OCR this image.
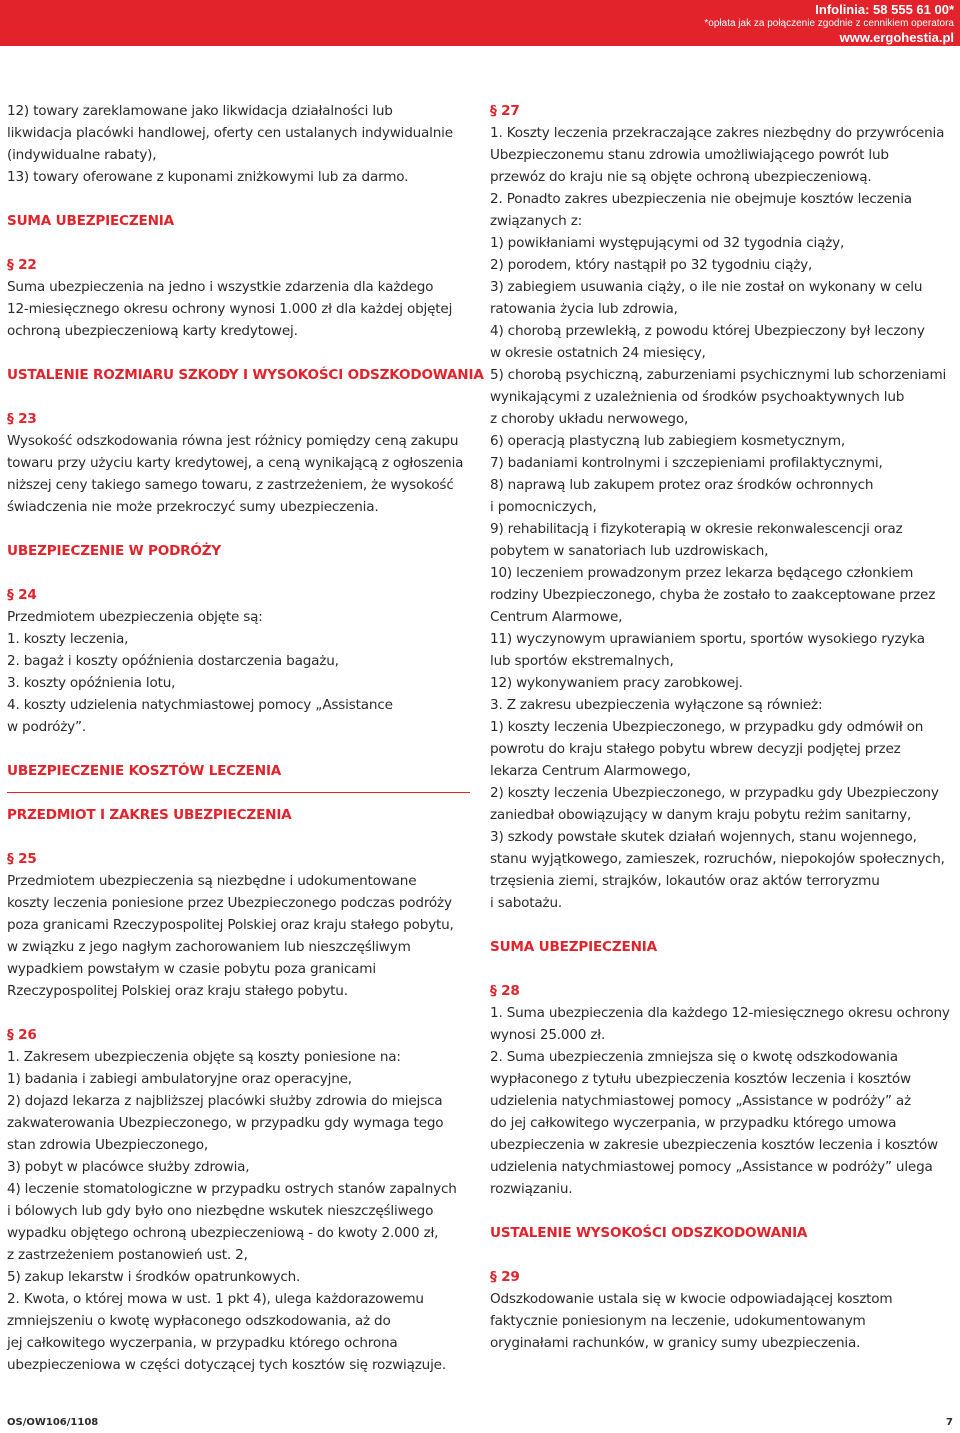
Infolinia: 58 555 61 00*
*opłata jak za połączenie zgodnie z cennikiem operatora
www.ergohestia.pl
12) towary zareklamowane jako likwidacja działalności lub
likwidacja placówki handlowej, oferty cen ustalanych indywidualnie
(indywidualne rabaty),
13) towary oferowane z kuponami zniżkowymi lub za darmo.
SUMA UBEZPIECZENIA
§ 22
Suma ubezpieczenia na jedno i wszystkie zdarzenia dla każdego
12-miesięcznego okresu ochrony wynosi 1.000 zł dla każdej objętej
ochroną ubezpieczeniową karty kredytowej.
USTALENIE ROZMIARU SZKODY I WYSOKOŚCI ODSZKODOWANIA
§ 23
Wysokość odszkodowania równa jest różnicy pomiędzy ceną zakupu
towaru przy użyciu karty kredytowej, a ceną wynikającą z ogłoszenia
niższej ceny takiego samego towaru, z zastrzeżeniem, że wysokość
świadczenia nie może przekroczyć sumy ubezpieczenia.
UBEZPIECZENIE W PODRÓŻY
§ 24
Przedmiotem ubezpieczenia objęte są:
1. koszty leczenia,
2. bagaż i koszty opóźnienia dostarczenia bagażu,
3. koszty opóźnienia lotu,
4. koszty udzielenia natychmiastowej pomocy „Assistance
w podróży”.
UBEZPIECZENIE KOSZTÓW LECZENIA
PRZEDMIOT I ZAKRES UBEZPIECZENIA
§ 25
Przedmiotem ubezpieczenia są niezbędne i udokumentowane
koszty leczenia poniesione przez Ubezpieczonego podczas podróży
poza granicami Rzeczypospolitej Polskiej oraz kraju stałego pobytu,
w związku z jego nagłym zachorowaniem lub nieszczęśliwym
wypadkiem powstałym w czasie pobytu poza granicami
Rzeczypospolitej Polskiej oraz kraju stałego pobytu.
§ 26
1. Zakresem ubezpieczenia objęte są koszty poniesione na:
1) badania i zabiegi ambulatoryjne oraz operacyjne,
2) dojazd lekarza z najbliższej placówki służby zdrowia do miejsca
zakwaterowania Ubezpieczonego, w przypadku gdy wymaga tego
stan zdrowia Ubezpieczonego,
3) pobyt w placówce służby zdrowia,
4) leczenie stomatologiczne w przypadku ostrych stanów zapalnych
i bólowych lub gdy było ono niezbędne wskutek nieszczęśliwego
wypadku objętego ochroną ubezpieczeniową - do kwoty 2.000 zł,
z zastrzeżeniem postanowień ust. 2,
5) zakup lekarstw i środków opatrunkowych.
2. Kwota, o której mowa w ust. 1 pkt 4), ulega każdorazowemu
zmniejszeniu o kwotę wypłaconego odszkodowania, aż do
jej całkowitego wyczerpania, w przypadku którego ochrona
ubezpieczeniowa w części dotyczącej tych kosztów się rozwiązuje.
§ 27
1. Koszty leczenia przekraczające zakres niezbędny do przywrócenia
Ubezpieczonemu stanu zdrowia umożliwiającego powrót lub
przewóz do kraju nie są objęte ochroną ubezpieczeniową.
2. Ponadto zakres ubezpieczenia nie obejmuje kosztów leczenia
związanych z:
1) powikłaniami występującymi od 32 tygodnia ciąży,
2) porodem, który nastąpił po 32 tygodniu ciąży,
3) zabiegiem usuwania ciąży, o ile nie został on wykonany w celu
ratowania życia lub zdrowia,
4) chorobą przewlekłą, z powodu której Ubezpieczony był leczony
w okresie ostatnich 24 miesięcy,
5) chorobą psychiczną, zaburzeniami psychicznymi lub schorzeniami
wynikającymi z uzależnienia od środków psychoaktywnych lub
z choroby układu nerwowego,
6) operacją plastyczną lub zabiegiem kosmetycznym,
7) badaniami kontrolnymi i szczepieniami profilaktycznymi,
8) naprawą lub zakupem protez oraz środków ochronnych
i pomocniczych,
9) rehabilitacją i fizykoterapią w okresie rekonwalescencji oraz
pobytem w sanatoriach lub uzdrowiskach,
10) leczeniem prowadzonym przez lekarza będącego członkiem
rodziny Ubezpieczonego, chyba że zostało to zaakceptowane przez
Centrum Alarmowe,
11) wyczynowym uprawianiem sportu, sportów wysokiego ryzyka
lub sportów ekstremalnych,
12) wykonywaniem pracy zarobkowej.
3. Z zakresu ubezpieczenia wyłączone są również:
1) koszty leczenia Ubezpieczonego, w przypadku gdy odmówił on
powrotu do kraju stałego pobytu wbrew decyzji podjętej przez
lekarza Centrum Alarmowego,
2) koszty leczenia Ubezpieczonego, w przypadku gdy Ubezpieczony
zaniedbał obowiązujący w danym kraju pobytu reżim sanitarny,
3) szkody powstałe skutek działań wojennych, stanu wojennego,
stanu wyjątkowego, zamieszek, rozruchów, niepokojów społecznych,
trzęsienia ziemi, strajków, lokautów oraz aktów terroryzmu
i sabotażu.
SUMA UBEZPIECZENIA
§ 28
1. Suma ubezpieczenia dla każdego 12-miesięcznego okresu ochrony
wynosi 25.000 zł.
2. Suma ubezpieczenia zmniejsza się o kwotę odszkodowania
wypłaconego z tytułu ubezpieczenia kosztów leczenia i kosztów
udzielenia natychmiastowej pomocy „Assistance w podróży” aż
do jej całkowitego wyczerpania, w przypadku którego umowa
ubezpieczenia w zakresie ubezpieczenia kosztów leczenia i kosztów
udzielenia natychmiastowej pomocy „Assistance w podróży” ulega
rozwiązaniu.
USTALENIE WYSOKOŚCI ODSZKODOWANIA
§ 29
Odszkodowanie ustala się w kwocie odpowiadającej kosztom
faktycznie poniesionym na leczenie, udokumentowanym
oryginałami rachunków, w granicy sumy ubezpieczenia.
OS/OW106/1108	7
